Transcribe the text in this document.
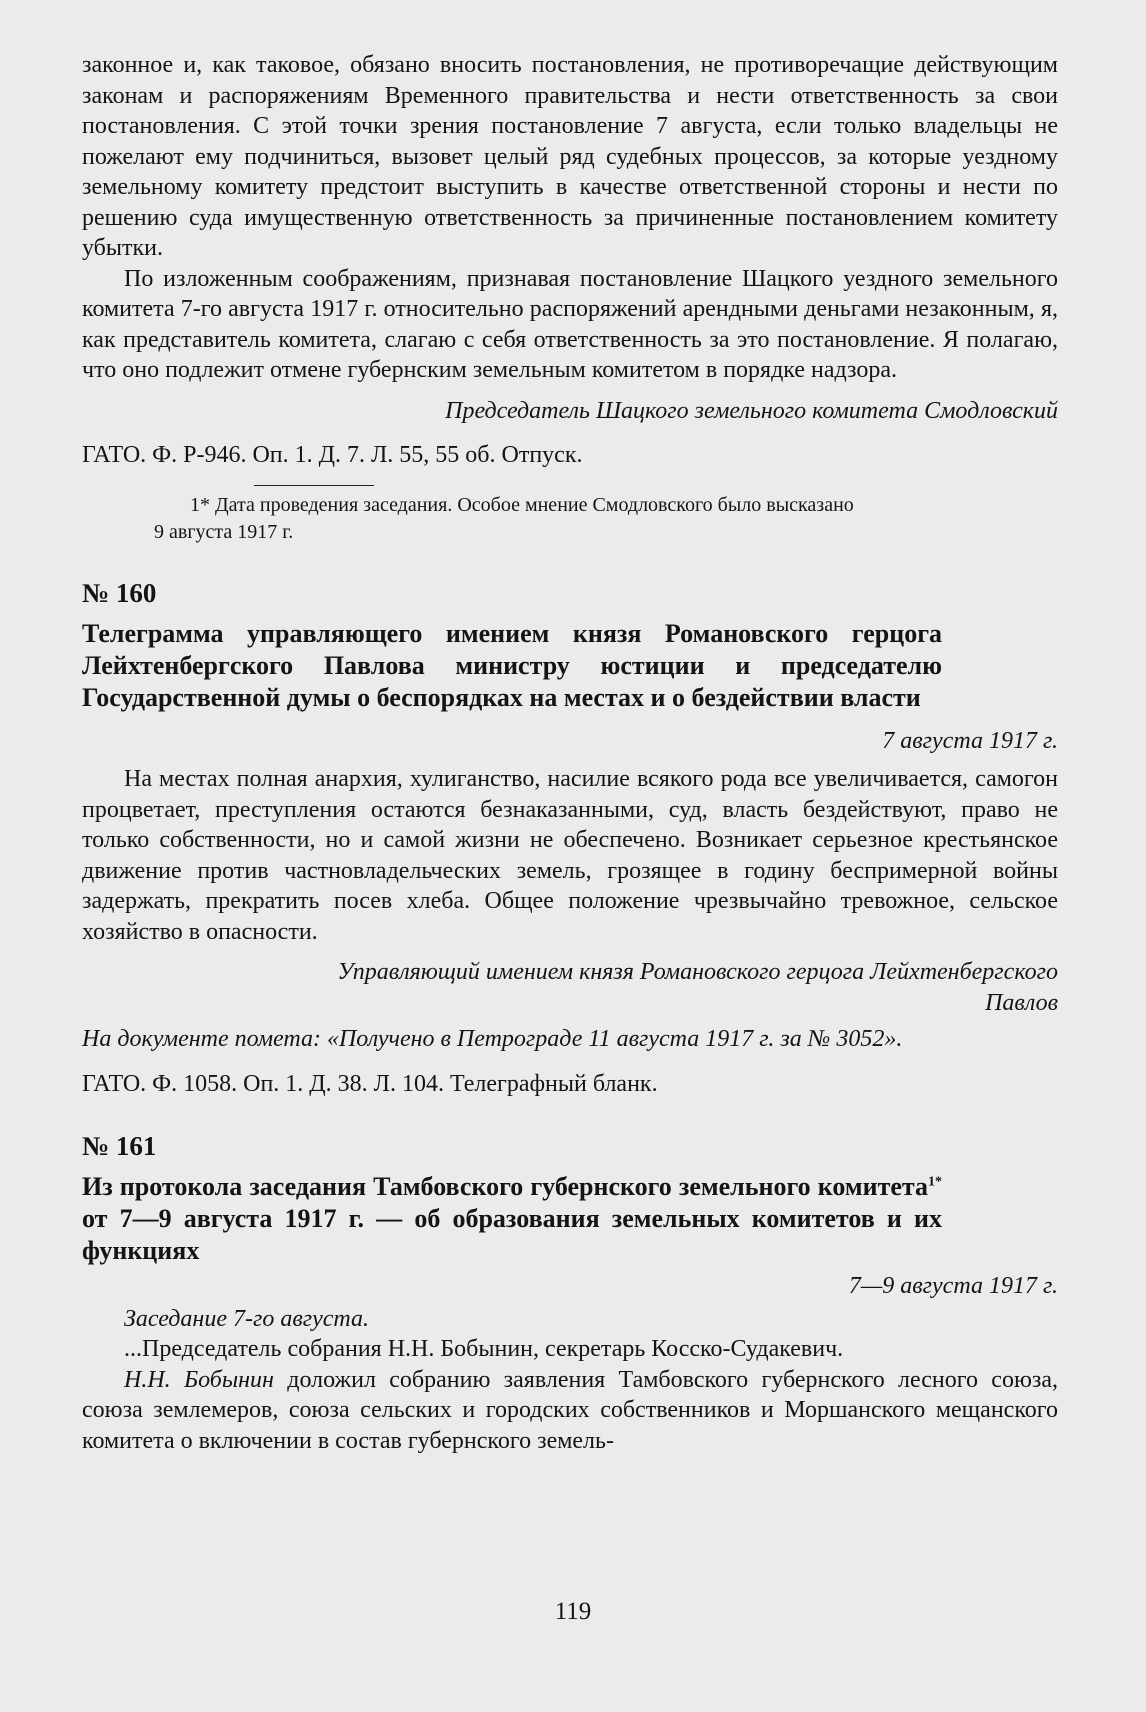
законное и, как таковое, обязано вносить постановления, не противоречащие действующим законам и распоряжениям Временного правительства и нести ответственность за свои постановления. С этой точки зрения постановление 7 августа, если только владельцы не пожелают ему подчиниться, вызовет целый ряд судебных процессов, за которые уездному земельному комитету предстоит выступить в качестве ответственной стороны и нести по решению суда имущественную ответственность за причиненные постановлением комитету убытки.

По изложенным соображениям, признавая постановление Шацкого уездного земельного комитета 7-го августа 1917 г. относительно распоряжений арендными деньгами незаконным, я, как представитель комитета, слагаю с себя ответственность за это постановление. Я полагаю, что оно подлежит отмене губернским земельным комитетом в порядке надзора.

Председатель Шацкого земельного комитета Смодловский

ГАТО. Ф. Р-946. Оп. 1. Д. 7. Л. 55, 55 об. Отпуск.

1* Дата проведения заседания. Особое мнение Смодловского было высказано

9 августа 1917 г.

№ 160

Телеграмма управляющего имением князя Романовского герцога Лейхтенбергского Павлова министру юстиции и председателю Государственной думы о беспорядках на местах и о бездействии власти

7 августа 1917 г.

На местах полная анархия, хулиганство, насилие всякого рода все увеличивается, самогон процветает, преступления остаются безнаказанными, суд, власть бездействуют, право не только собственности, но и самой жизни не обеспечено. Возникает серьезное крестьянское движение против частновладельческих земель, грозящее в годину беспримерной войны задержать, прекратить посев хлеба. Общее положение чрезвычайно тревожное, сельское хозяйство в опасности.

Управляющий имением князя Романовского герцога Лейхтенбергского

Павлов

На документе помета: «Получено в Петрограде 11 августа 1917 г. за № 3052».

ГАТО. Ф. 1058. Оп. 1. Д. 38. Л. 104. Телеграфный бланк.

№ 161

Из протокола заседания Тамбовского губернского земельного комитета$^{1*}$ от 7—9 августа 1917 г. — об образования земельных комитетов и их функциях

7—9 августа 1917 г.

Заседание 7-го августа.

...Председатель собрания Н.Н. Бобынин, секретарь Косско-Судакевич.

Н.Н. Бобынин доложил собранию заявления Тамбовского губернского лесного союза, союза землемеров, союза сельских и городских собственников и Моршанского мещанского комитета о включении в состав губернского земель-

119
